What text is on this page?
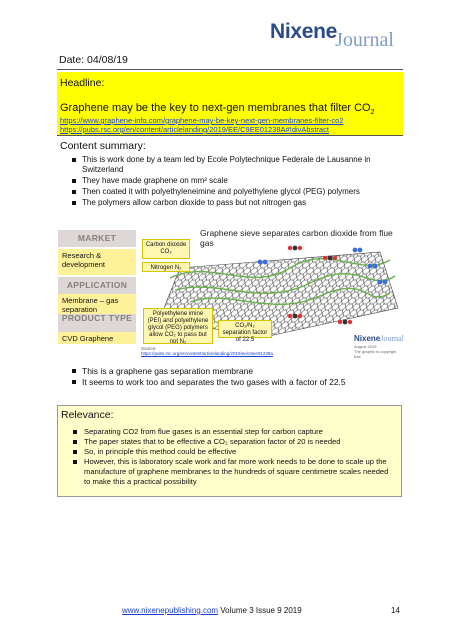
NixeneJournal
Date: 04/08/19
Headline:
Graphene may be the key to next-gen membranes that filter $CO_2$
https://www.graphene-info.com/graphene-may-be-key-next-gen-membranes-filter-co2
https://pubs.rsc.org/en/content/articlelanding/2019/EE/C9EE01238A#!divAbstract
Content summary:
This is work done by a team led by Ecole Polytechnique Federale de Lausanne in Switzerland
They have made graphene on mm² scale
Then coated it with polyethyleneimine and polyethylene glycol (PEG) polymers
The polymers allow carbon dioxide to pass but not nitrogen gas
MARKET
Research & development
APPLICATION
Membrane – gas separation
PRODUCT TYPE
CVD Graphene
Graphene sieve separates carbon dioxide from flue gas
Carbon dioxide CO₂
Nitrogen N₂
Polyethylene imine (PEI) and polyethylene glycol (PEG) polymers allow CO₂ to pass but not N₂
CO₂/N₂ separation factor of 22.5
Source:
https://pubs.rsc.org/en/content/articlelanding/2019/ee/c9ee01238a
NixeneJournal
August 2019
The graphic is copyright free
This is a graphene gas separation membrane
It seems to work too and separates the two gases with a factor of 22.5
Relevance:
Separating CO2 from flue gases is an essential step for carbon capture
The paper states that to be effective a CO₂ separation factor of 20 is needed
So, in principle this method could be effective
However, this is laboratory scale work and far more work needs to be done to scale up the manufacture of graphene membranes to the hundreds of square centimetre scales needed to make this a practical possibility
www.nixenepublishing.com Volume 3 Issue 9 2019	14
